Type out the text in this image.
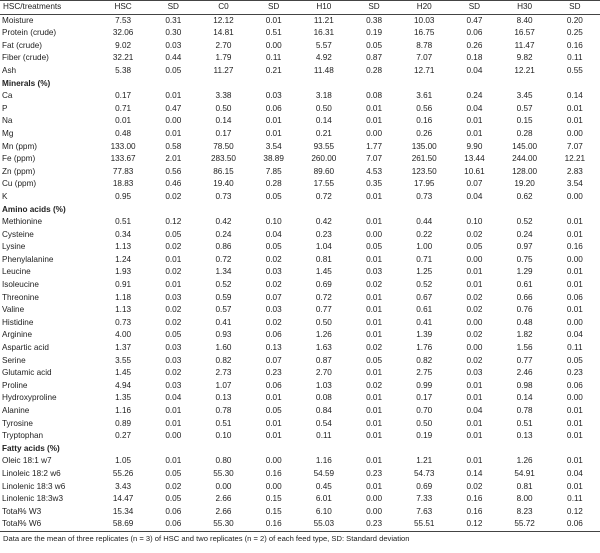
HSC/treatments	HSC	SD	C0	SD	H10	SD	H20	SD	H30	SD
Moisture	7.53	0.31	12.12	0.01	11.21	0.38	10.03	0.47	8.40	0.20
Protein (crude)	32.06	0.30	14.81	0.51	16.31	0.19	16.75	0.06	16.57	0.25
Fat (crude)	9.02	0.03	2.70	0.00	5.57	0.05	8.78	0.26	11.47	0.16
Fiber (crude)	32.21	0.44	1.79	0.11	4.92	0.87	7.07	0.18	9.82	0.11
Ash	5.38	0.05	11.27	0.21	11.48	0.28	12.71	0.04	12.21	0.55
Minerals (%)										
Ca	0.17	0.01	3.38	0.03	3.18	0.08	3.61	0.24	3.45	0.14
P	0.71	0.47	0.50	0.06	0.50	0.01	0.56	0.04	0.57	0.01
Na	0.01	0.00	0.14	0.01	0.14	0.01	0.16	0.01	0.15	0.01
Mg	0.48	0.01	0.17	0.01	0.21	0.00	0.26	0.01	0.28	0.00
Mn (ppm)	133.00	0.58	78.50	3.54	93.55	1.77	135.00	9.90	145.00	7.07
Fe (ppm)	133.67	2.01	283.50	38.89	260.00	7.07	261.50	13.44	244.00	12.21
Zn (ppm)	77.83	0.56	86.15	7.85	89.60	4.53	123.50	10.61	128.00	2.83
Cu (ppm)	18.83	0.46	19.40	0.28	17.55	0.35	17.95	0.07	19.20	3.54
K	0.95	0.02	0.73	0.05	0.72	0.01	0.73	0.04	0.62	0.00
Amino acids (%)										
Methionine	0.51	0.12	0.42	0.10	0.42	0.01	0.44	0.10	0.52	0.01
Cysteine	0.34	0.05	0.24	0.04	0.23	0.00	0.22	0.02	0.24	0.01
Lysine	1.13	0.02	0.86	0.05	1.04	0.05	1.00	0.05	0.97	0.16
Phenylalanine	1.24	0.01	0.72	0.02	0.81	0.01	0.71	0.00	0.75	0.00
Leucine	1.93	0.02	1.34	0.03	1.45	0.03	1.25	0.01	1.29	0.01
Isoleucine	0.91	0.01	0.52	0.02	0.69	0.02	0.52	0.01	0.61	0.01
Threonine	1.18	0.03	0.59	0.07	0.72	0.01	0.67	0.02	0.66	0.06
Valine	1.13	0.02	0.57	0.03	0.77	0.01	0.61	0.02	0.76	0.01
Histidine	0.73	0.02	0.41	0.02	0.50	0.01	0.41	0.00	0.48	0.00
Arginine	4.00	0.05	0.93	0.06	1.26	0.01	1.39	0.02	1.82	0.04
Aspartic acid	1.37	0.03	1.60	0.13	1.63	0.02	1.76	0.00	1.56	0.11
Serine	3.55	0.03	0.82	0.07	0.87	0.05	0.82	0.02	0.77	0.05
Glutamic acid	1.45	0.02	2.73	0.23	2.70	0.01	2.75	0.03	2.46	0.23
Proline	4.94	0.03	1.07	0.06	1.03	0.02	0.99	0.01	0.98	0.06
Hydroxyproline	1.35	0.04	0.13	0.01	0.08	0.01	0.17	0.01	0.14	0.00
Alanine	1.16	0.01	0.78	0.05	0.84	0.01	0.70	0.04	0.78	0.01
Tyrosine	0.89	0.01	0.51	0.01	0.54	0.01	0.50	0.01	0.51	0.01
Tryptophan	0.27	0.00	0.10	0.01	0.11	0.01	0.19	0.01	0.13	0.01
Fatty acids (%)										
Oleic 18:1 w7	1.05	0.01	0.80	0.00	1.16	0.01	1.21	0.01	1.26	0.01
Linoleic 18:2 w6	55.26	0.05	55.30	0.16	54.59	0.23	54.73	0.14	54.91	0.04
Linolenic 18:3 w6	3.43	0.02	0.00	0.00	0.45	0.01	0.69	0.02	0.81	0.01
Linolenic 18:3w3	14.47	0.05	2.66	0.15	6.01	0.00	7.33	0.16	8.00	0.11
Total% W3	15.34	0.06	2.66	0.15	6.10	0.00	7.63	0.16	8.23	0.12
Total% W6	58.69	0.06	55.30	0.16	55.03	0.23	55.51	0.12	55.72	0.06
Data are the mean of three replicates (n = 3) of HSC and two replicates (n = 2) of each feed type, SD: Standard deviation
